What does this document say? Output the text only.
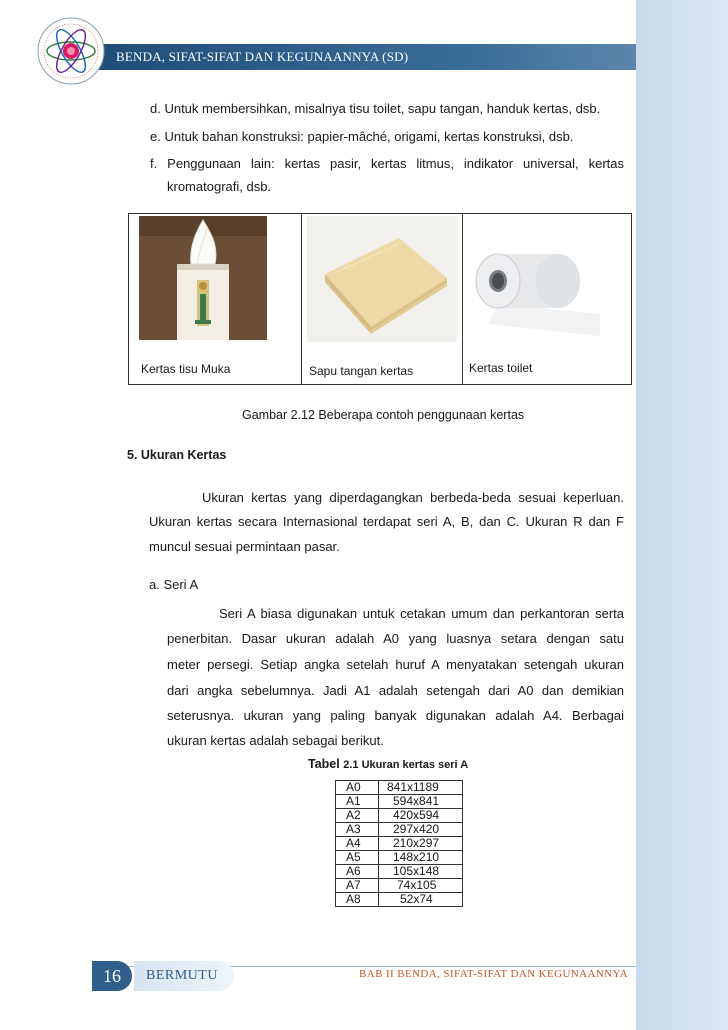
BENDA, SIFAT-SIFAT DAN KEGUNAANNYA (SD)
d. Untuk membersihkan, misalnya tisu toilet, sapu tangan, handuk kertas, dsb.
e. Untuk bahan konstruksi: papier-mâché, origami, kertas konstruksi, dsb.
f. Penggunaan lain: kertas pasir, kertas litmus, indikator universal, kertas
kromatografi, dsb.
Kertas tisu Muka	Sapu tangan kertas	Kertas toilet
Gambar 2.12 Beberapa contoh penggunaan kertas
5. Ukuran Kertas
Ukuran kertas yang diperdagangkan berbeda-beda sesuai keperluan.
Ukuran kertas secara Internasional terdapat seri A, B, dan C. Ukuran R dan F
muncul sesuai permintaan pasar.
a. Seri A
Seri A biasa digunakan untuk cetakan umum dan perkantoran serta
penerbitan. Dasar ukuran adalah A0 yang luasnya setara dengan satu
meter persegi. Setiap angka setelah huruf A menyatakan setengah ukuran
dari angka sebelumnya. Jadi A1 adalah setengah dari A0 dan demikian
seterusnya. ukuran yang paling banyak digunakan adalah A4. Berbagai
ukuran kertas adalah sebagai berikut.
Tabel 2.1 Ukuran kertas seri A
A0	841x1189
A1	594x841
A2	420x594
A3	297x420
A4	210x297
A5	148x210
A6	105x148
A7	74x105
A8	52x74
16	BERMUTU	BAB II BENDA, SIFAT-SIFAT DAN KEGUNAANNYA
